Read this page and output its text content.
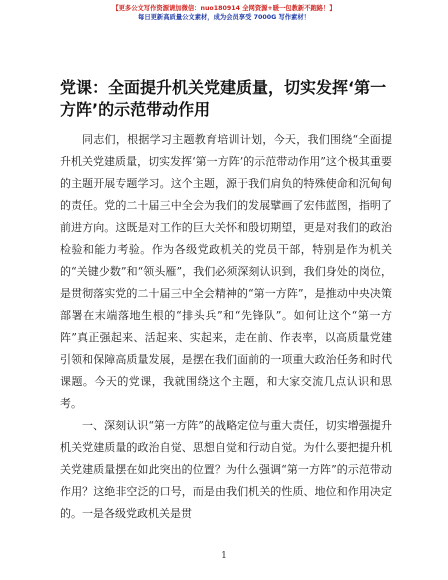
【更多公文写作资源请加微信：nuo180914 全网资源+暖一包教新不跑路！】
每日更新高质量公文素材，成为会员享受 7000G 写作素材！
党课：全面提升机关党建质量，切实发挥‘第一方阵’的示范带动作用

同志们，根据学习主题教育培训计划，今天，我们围绕“全面提升机关党建质量，切实发挥‘第一方阵’的示范带动作用”这个极其重要的主题开展专题学习。这个主题，源于我们肩负的特殊使命和沉甸甸的责任。党的二十届三中全会为我们的发展擘画了宏伟蓝图，指明了前进方向。这既是对工作的巨大关怀和殷切期望，更是对我们的政治检验和能力考验。作为各级党政机关的党员干部，特别是作为机关的“关键少数”和“领头雁”，我们必须深刻认识到，我们身处的岗位，是贯彻落实党的二十届三中全会精神的“第一方阵”，是推动中央决策部署在末端落地生根的“排头兵”和“先锋队”。如何让这个“第一方阵”真正强起来、活起来、实起来，走在前、作表率，以高质量党建引领和保障高质量发展，是摆在我们面前的一项重大政治任务和时代课题。今天的党课，我就围绕这个主题，和大家交流几点认识和思考。

一、深刻认识“第一方阵”的战略定位与重大责任，切实增强提升机关党建质量的政治自觉、思想自觉和行动自觉。为什么要把提升机关党建质量摆在如此突出的位置？为什么强调“第一方阵”的示范带动作用？这绝非空泛的口号，而是由我们机关的性质、地位和作用决定的。一是各级党政机关是贯

1
